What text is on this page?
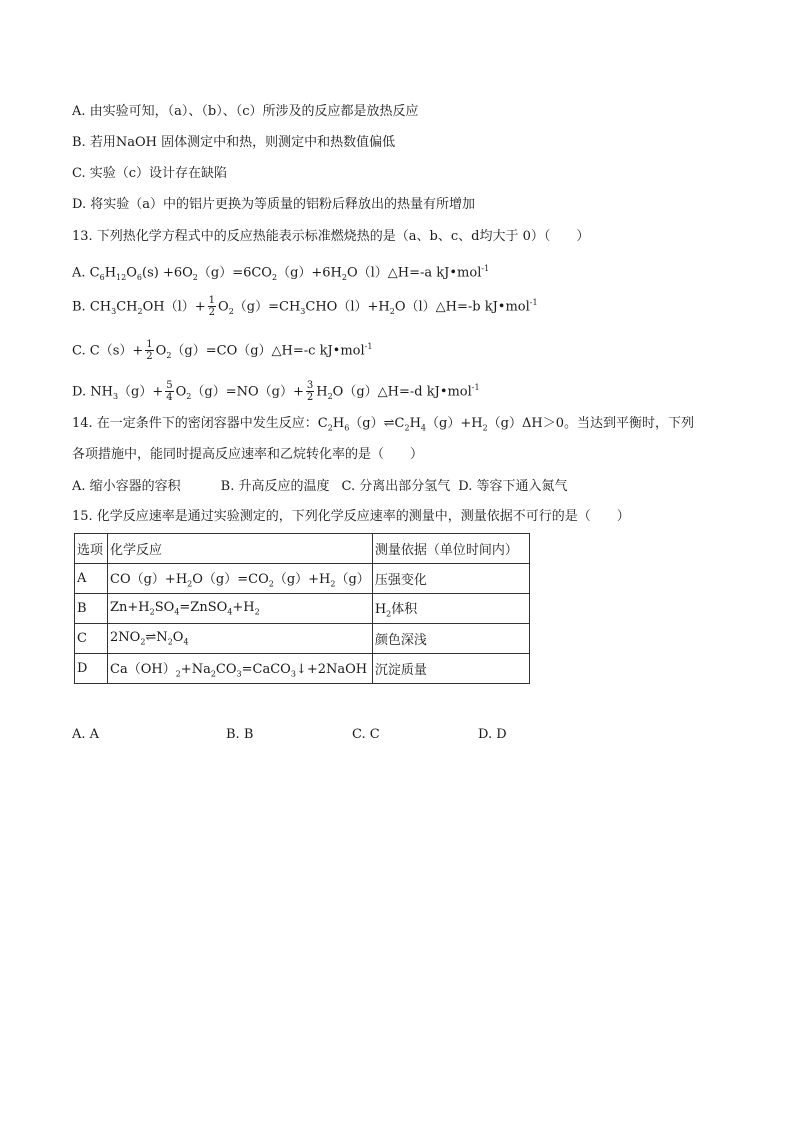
A. 由实验可知，（a）、（b）、（c）所涉及的反应都是放热反应
B. 若用NaOH 固体测定中和热，则测定中和热数值偏低
C. 实验（c）设计存在缺陷
D. 将实验（a）中的铝片更换为等质量的铝粉后释放出的热量有所增加
13. 下列热化学方程式中的反应热能表示标准燃烧热的是（a、b、c、d均大于 0）（　　）
A. $C_6H_{12}O_6(s)$ $+6O_2(g)=6CO_2(g)+6H_2O(l)\triangle H=-a$ kJ•mol$^{-1}$
B. $CH_3CH_2OH(l)+ \frac{1}{2}$ $O_2(g)=CH_3CHO(l)+H_2O(l)\triangle H=-b$ kJ•mol$^{-1}$
C. $C(s)+ \frac{1}{2}$ $O_2(g)=CO(g)\triangle H=-c$ kJ•mol$^{-1}$
D. $NH_3(g)+ \frac{5}{4} O_2(g)=NO(g)+ \frac{3}{2}$ $H_2O(g)\triangle H=-d$ kJ•mol$^{-1}$
14. 在一定条件下的密闭容器中发生反应：$C_2H_6(g)\rightleftharpoons C_2H_4(g)+H_2(g)\Delta H>0$。当达到平衡时，下列
各项措施中，能同时提高反应速率和乙烷转化率的是（　　）
A. 缩小容器的容积	B. 升高反应的温度 C. 分离出部分氢气 D. 等容下通入氮气
15. 化学反应速率是通过实验测定的，下列化学反应速率的测量中，测量依据不可行的是（　　）
选项	化学反应	测量依据（单位时间内）
A	$CO(g)+H_2O(g)=CO_2(g)+H_2(g)$	压强变化
B	$Zn+H_2SO_4=ZnSO_4+H_2$	$H_2$体积
C	$2NO_2\rightleftharpoons N_2O_4$	颜色深浅
D	$Ca(OH)_2+Na_2CO_3=CaCO_3↓+2NaOH$	沉淀质量
A. A	B. B	C. C	D. D
